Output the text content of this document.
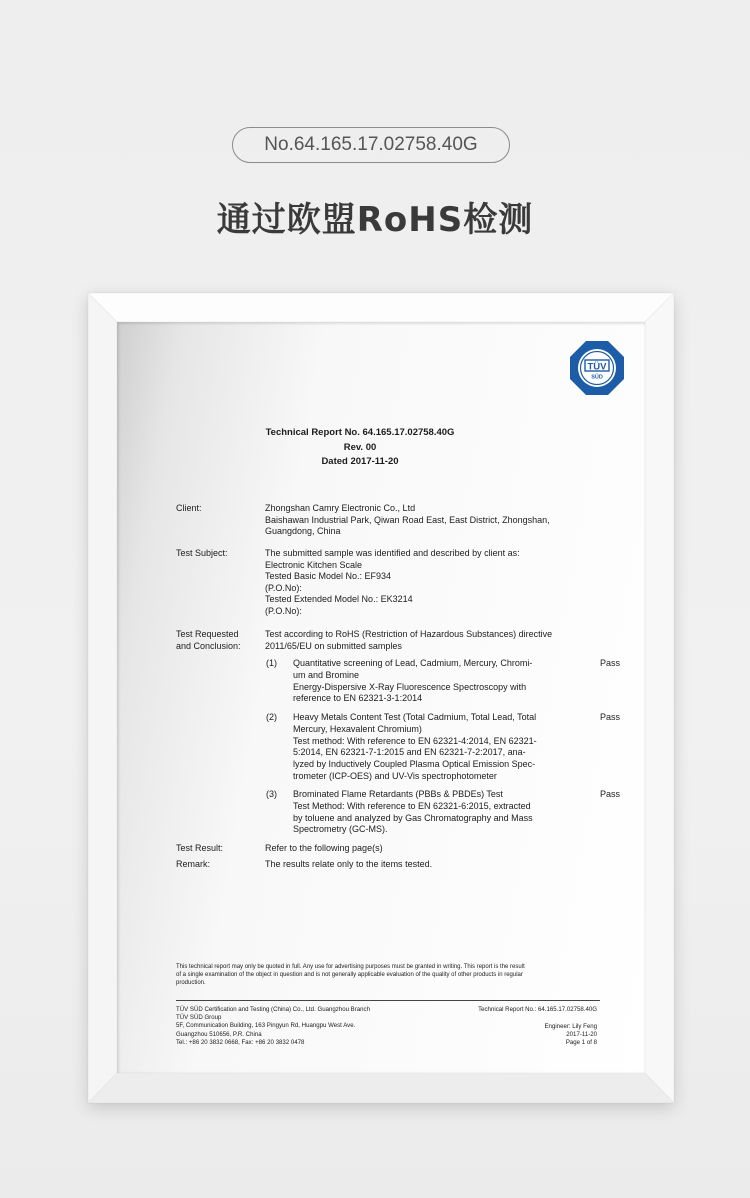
No.64.165.17.02758.40G
通过欧盟RoHS检测
TÜV
SÜD
Technical Report No. 64.165.17.02758.40G
Rev. 00
Dated 2017-11-20
Client:	Zhongshan Camry Electronic Co., Ltd
Baishawan Industrial Park, Qiwan Road East, East District, Zhongshan,
Guangdong, China
Test Subject:	The submitted sample was identified and described by client as:
Electronic Kitchen Scale
Tested Basic Model No.: EF934
(P.O.No):
Tested Extended Model No.: EK3214
(P.O.No):
Test Requested
and Conclusion:
Test according to RoHS (Restriction of Hazardous Substances) directive
2011/65/EU on submitted samples
(1) Quantitative screening of Lead, Cadmium, Mercury, Chromi-
um and Bromine
Energy-Dispersive X-Ray Fluorescence Spectroscopy with
reference to EN 62321-3-1:2014
Pass
(2) Heavy Metals Content Test (Total Cadmium, Total Lead, Total
Mercury, Hexavalent Chromium)
Test method: With reference to EN 62321-4:2014, EN 62321-
5:2014, EN 62321-7-1:2015 and EN 62321-7-2:2017, ana-
lyzed by Inductively Coupled Plasma Optical Emission Spec-
trometer (ICP-OES) and UV-Vis spectrophotometer
Pass
(3) Brominated Flame Retardants (PBBs & PBDEs) Test
Test Method: With reference to EN 62321-6:2015, extracted
by toluene and analyzed by Gas Chromatography and Mass
Spectrometry (GC-MS).
Pass
Test Result:	Refer to the following page(s)
Remark:	The results relate only to the items tested.
This technical report may only be quoted in full. Any use for advertising purposes must be granted in writing. This report is the result
of a single examination of the object in question and is not generally applicable evaluation of the quality of other products in regular
production.
TÜV SÜD Certification and Testing (China) Co., Ltd. Guangzhou Branch
TÜV SÜD Group
5F, Communication Building, 163 Pingyun Rd, Huangpu West Ave.
Guangzhou 510656, P.R. China
Tel.: +86 20 3832 0668, Fax: +86 20 3832 0478
Technical Report No.: 64.165.17.02758.40G
Engineer: Lily Feng
2017-11-20
Page 1 of 8
